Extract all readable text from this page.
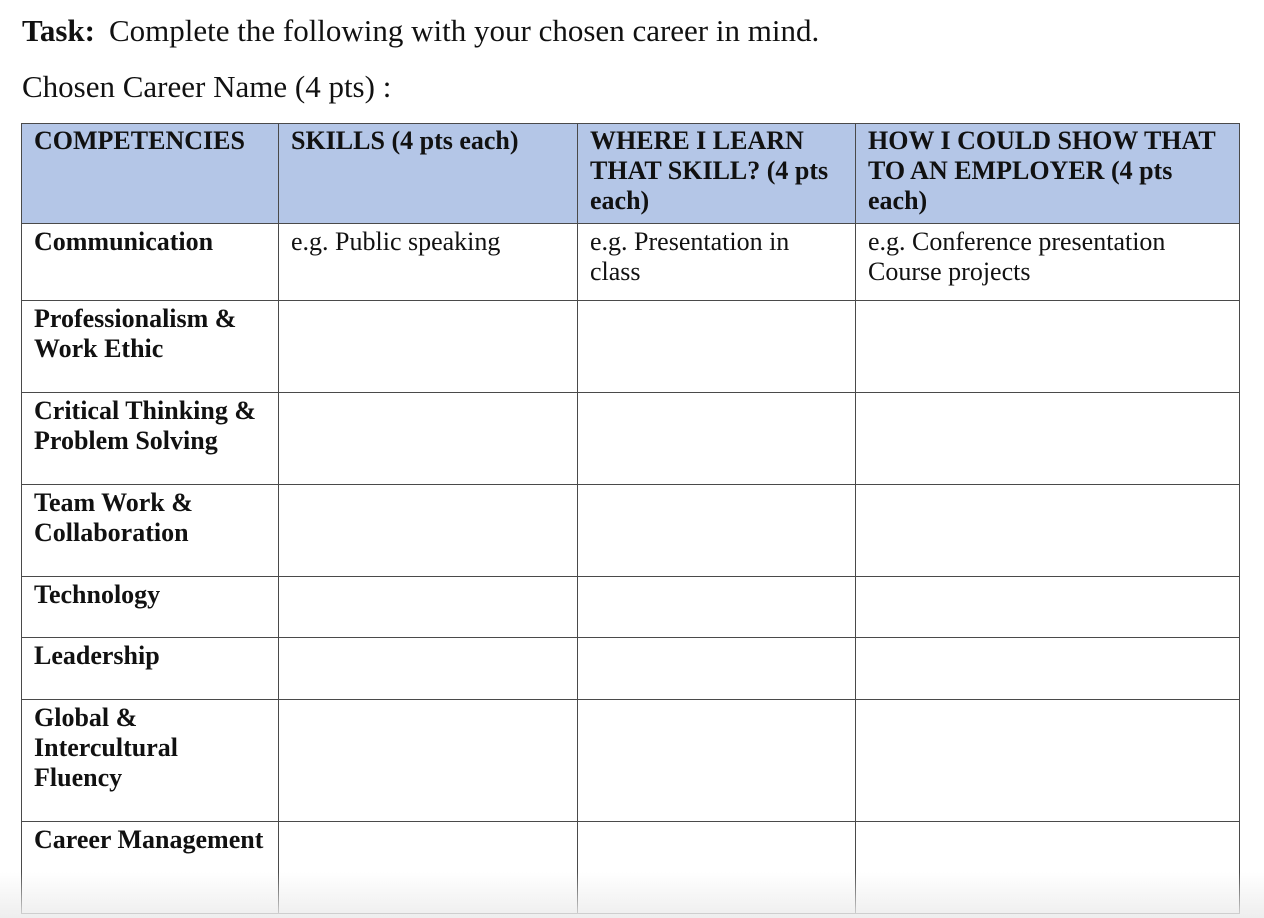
Task: Complete the following with your chosen career in mind.
Chosen Career Name (4 pts) :
COMPETENCIES	SKILLS (4 pts each)	WHERE I LEARN THAT SKILL? (4 pts each)	HOW I COULD SHOW THAT TO AN EMPLOYER (4 pts each)
Communication	e.g. Public speaking	e.g. Presentation in class	e.g. Conference presentation
Course projects
Professionalism & Work Ethic			
Critical Thinking & Problem Solving			
Team Work & Collaboration			
Technology			
Leadership			
Global & Intercultural Fluency			
Career Management			
